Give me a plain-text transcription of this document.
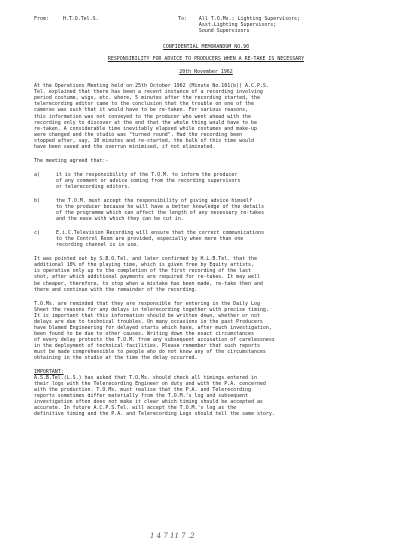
From:	H.T.O.Tel.S.	To: All T.O.Ms.; Lighting Supervisors;
Asst.Lighting Supervisors;
Sound Supervisors
CONFIDENTIAL MEMORANDUM NO.90
RESPONSIBILITY FOR ADVICE TO PRODUCERS WHEN A RE-TAKE IS NECESSARY
20th November 1962
At the Operations Meeting held on 25th October 1962 (Minute No.181(b)) A.C.P.S.
Tel. explained that there has been a recent instance of a recording involving
period costume, wigs, etc. where, 5 minutes after the recording started, the
telerecording editor came to the conclusion that the trouble on one of the
cameras was such that it would have to be re-taken. For various reasons,
this information was not conveyed to the producer who went ahead with the
recording only to discover at the end that the whole thing would have to be
re-taken. A considerable time inevitably elapsed while costumes and make-up
were changed and the studio was "turned round". Had the recording been
stopped after, say, 10 minutes and re-started, the bulk of this time would
have been saved and the overrun minimised, if not eliminated.
The meeting agreed that:-
a)	it is the responsibility of the T.O.M. to inform the producer
of any comment or advice coming from the recording supervisors
or telerecording editors.
b)	the T.O.M. must accept the responsibility of giving advice himself
to the producer because he will have a better knowledge of the details
of the programme which can affect the length of any necessary re-takes
and the ease with which they can be cut in.
c)	E.i.C.Television Recording will ensure that the correct communications
to the Control Room are provided, especially when more than one
recording channel is in use.
It was pointed out by S.B.O.Tel. and later confirmed by H.L.B.Tel. that the
additional 10% of the playing time, which is given free by Equity artists,
is operative only up to the completion of the first recording of the last
shot, after which additional payments are required for re-takes. It may well
be cheaper, therefore, to stop when a mistake has been made, re-take then and
there and continue with the remainder of the recording.
T.O.Ms. are reminded that they are responsible for entering in the Daily Log
Sheet the reasons for any delays in telerecording together with precise timing.
It is important that this information should be written down, whether or not
delays are due to technical troubles. On many occasions in the past Producers
have blamed Engineering for delayed starts which have, after much investigation,
been found to be due to other causes. Writing down the exact circumstances
of every delay protects the T.O.M. from any subsequent accusation of carelessness
in the deployment of technical facilities. Please remember that such reports
must be made comprehensible to people who do not know any of the circumstances
obtaining in the studio at the time the delay occurred.
IMPORTANT:
A.S.B.Tel.(L.S.) has asked that T.O.Ms. should check all timings entered in
their logs with the Telerecording Engineer on duty and with the P.A. concerned
with the production. T.O.Ms. must realise that the P.A. and Telerecording
reports sometimes differ materially from the T.O.M.'s log and subsequent
investigation often does not make it clear which timing should be accepted as
accurate. In future A.C.P.S.Tel. will accept the T.O.M.'s log as the
definitive timing and the P.A. and Telerecording Logs should tell the same story.
1 4 7 11 7 .2
